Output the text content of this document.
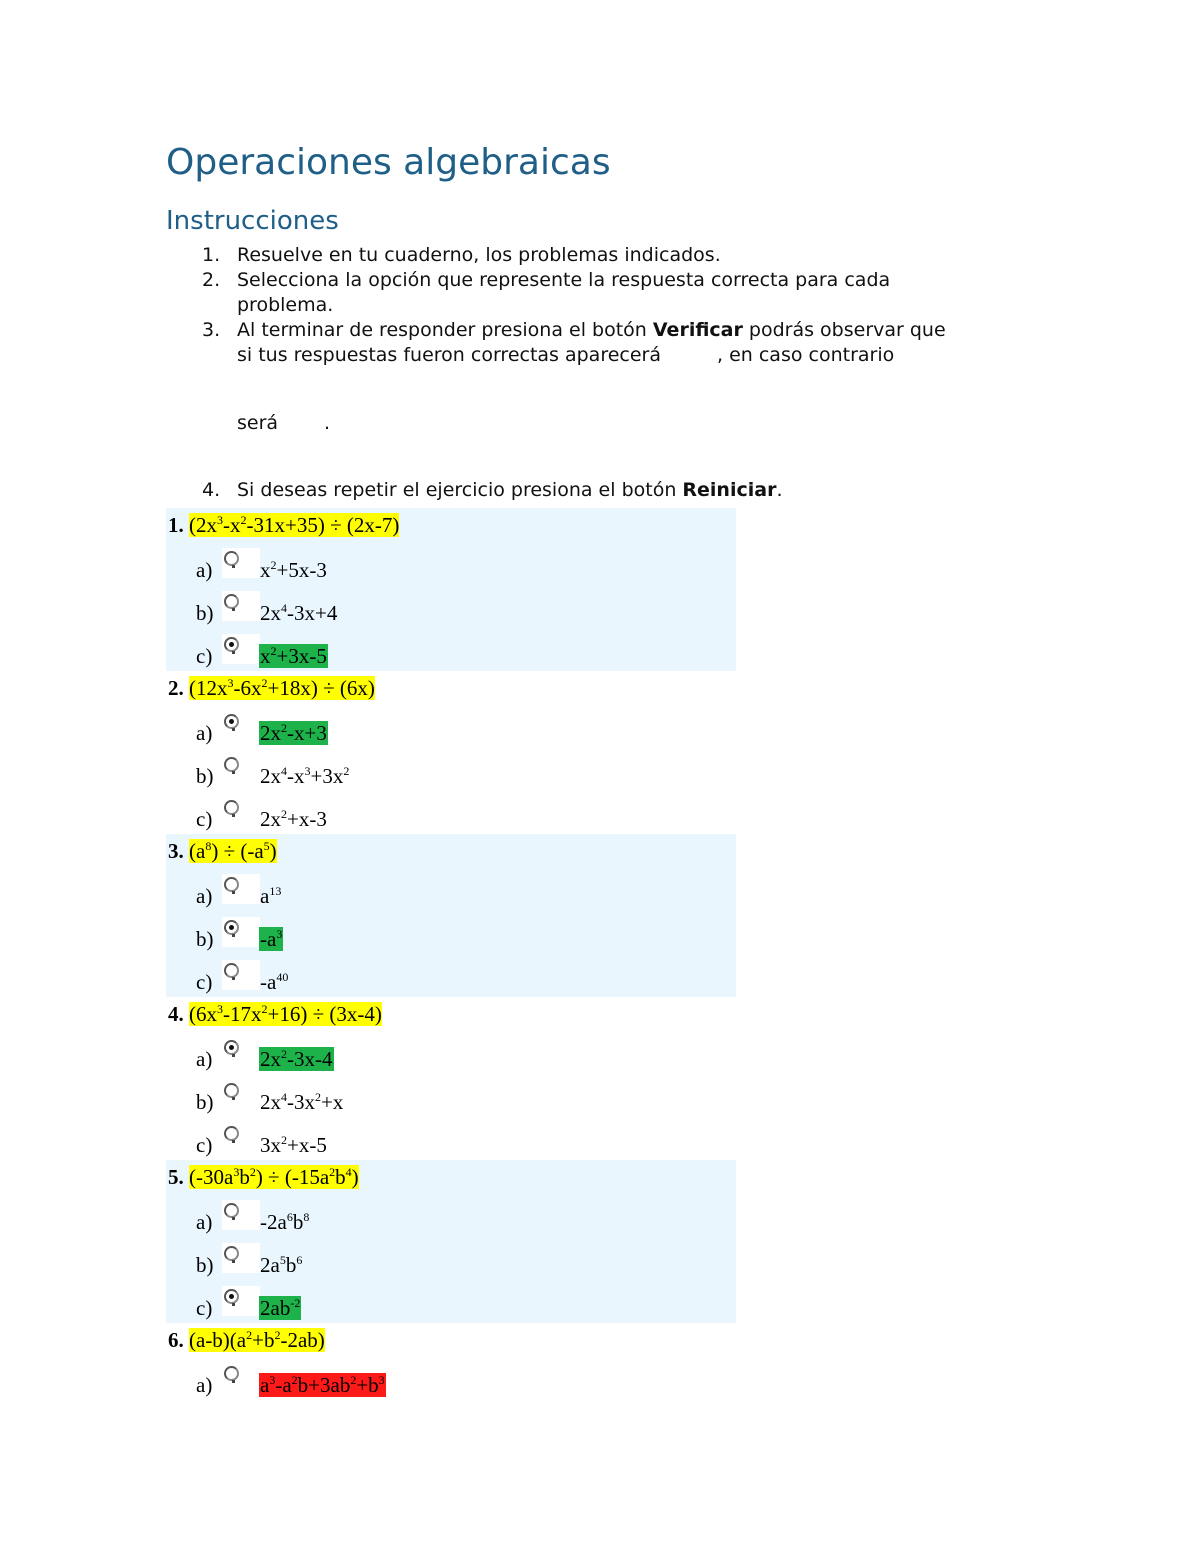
Operaciones algebraicas
Instrucciones
1. Resuelve en tu cuaderno, los problemas indicados.
2. Selecciona la opción que represente la respuesta correcta para cada
problema.
3. Al terminar de responder presiona el botón Verificar podrás observar que
si tus respuestas fueron correctas aparecerá	, en caso contrario
será .
4. Si deseas repetir el ejercicio presiona el botón Reiniciar.
1. $(2x^3-x^2-31x+35) \div (2x-7)$
a) $x^2+5x-3$
b) $2x^4-3x+4$
c) $x^2+3x-5$
2. $(12x^3-6x^2+18x) \div (6x)$
a) $2x^2-x+3$
b) $2x^4-x^3+3x^2$
c) $2x^2+x-3$
3. $(a^8) \div (-a^5)$
a) $a^{13}$
b) $-a^3$
c) $-a^{40}$
4. $(6x^3-17x^2+16) \div (3x-4)$
a) $2x^2-3x-4$
b) $2x^4-3x^2+x$
c) $3x^2+x-5$
5. $(-30a^3b^2) \div (-15a^2b^4)$
a) $-2a^6b^8$
b) $2a^5b^6$
c) $2ab^{-2}$
6. $(a-b)(a^2+b^2-2ab)$
a) $a^3-a^2b+3ab^2+b^3$
